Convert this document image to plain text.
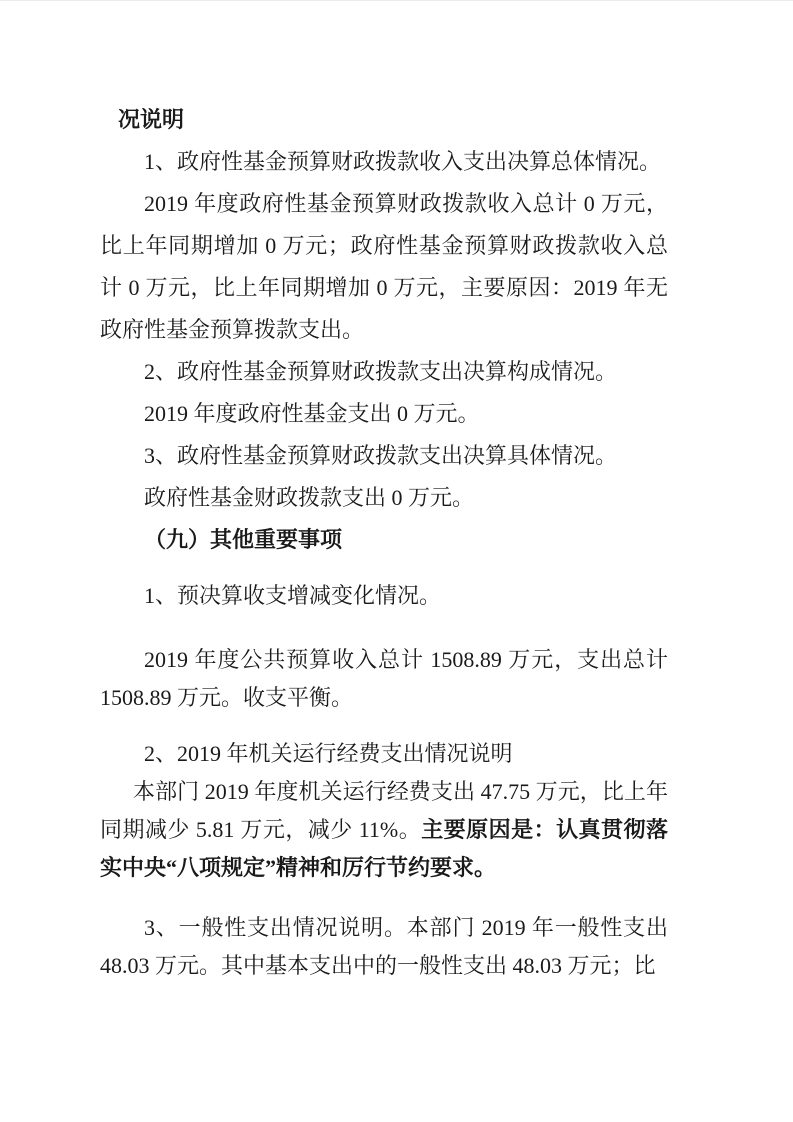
况说明

1、政府性基金预算财政拨款收入支出决算总体情况。

2019 年度政府性基金预算财政拨款收入总计 0 万元，比上年同期增加 0 万元；政府性基金预算财政拨款收入总计 0 万元，比上年同期增加 0 万元，主要原因：2019 年无政府性基金预算拨款支出。

2、政府性基金预算财政拨款支出决算构成情况。

2019 年度政府性基金支出 0 万元。

3、政府性基金预算财政拨款支出决算具体情况。

政府性基金财政拨款支出 0 万元。

（九）其他重要事项

1、预决算收支增减变化情况。

2019 年度公共预算收入总计 1508.89 万元，支出总计 1508.89 万元。收支平衡。

2、2019 年机关运行经费支出情况说明

本部门 2019 年度机关运行经费支出 47.75 万元，比上年同期减少 5.81 万元，减少 11%。主要原因是：认真贯彻落实中央“八项规定”精神和厉行节约要求。

3、一般性支出情况说明。本部门 2019 年一般性支出 48.03 万元。其中基本支出中的一般性支出 48.03 万元；比
